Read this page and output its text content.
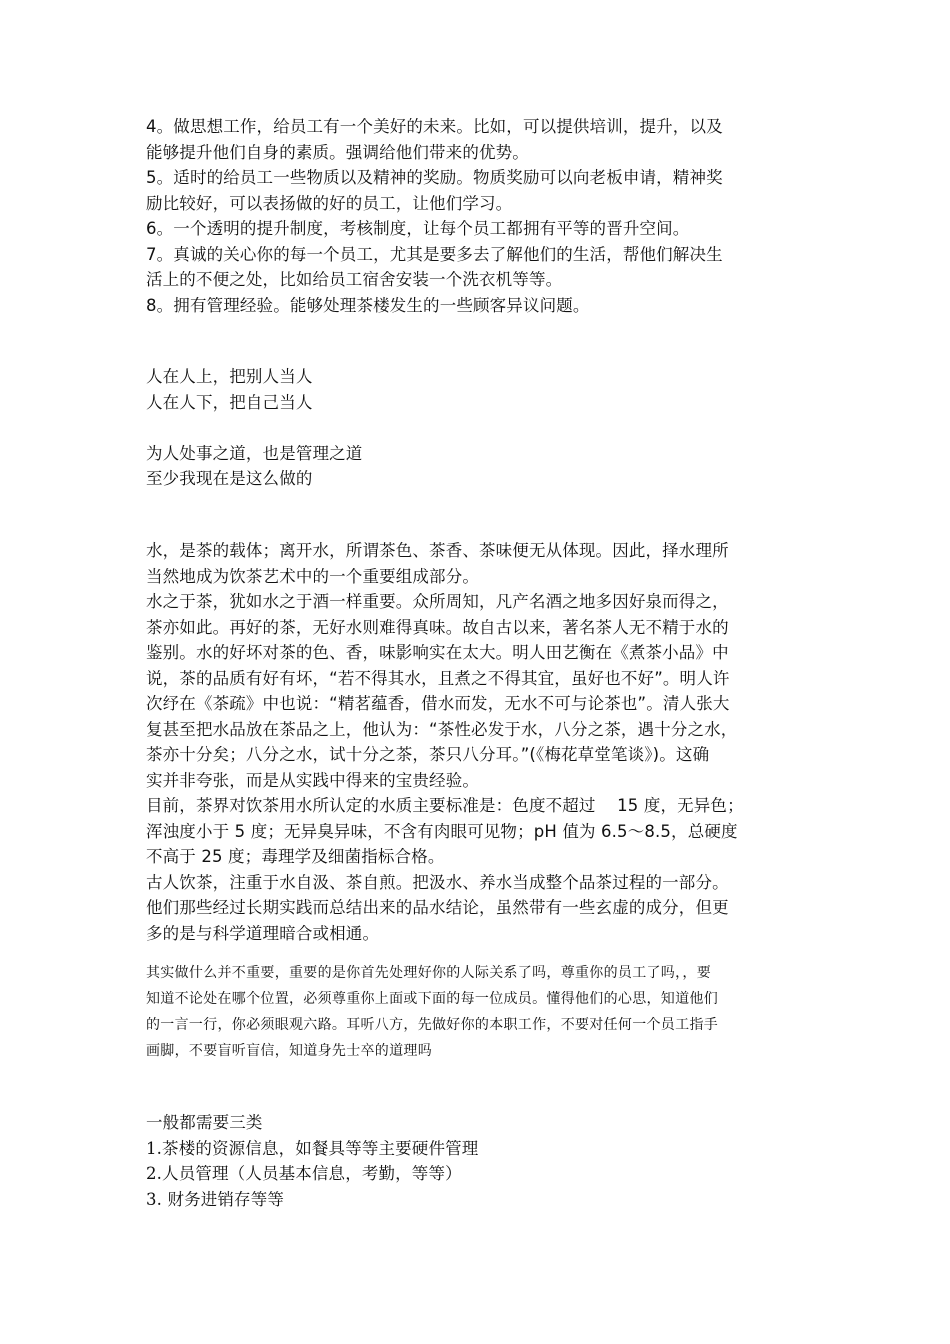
4。做思想工作，给员工有一个美好的未来。比如，可以提供培训，提升，以及
能够提升他们自身的素质。强调给他们带来的优势。
5。适时的给员工一些物质以及精神的奖励。物质奖励可以向老板申请，精神奖
励比较好，可以表扬做的好的员工，让他们学习。
6。一个透明的提升制度，考核制度，让每个员工都拥有平等的晋升空间。
7。真诚的关心你的每一个员工，尤其是要多去了解他们的生活，帮他们解决生
活上的不便之处，比如给员工宿舍安装一个洗衣机等等。
8。拥有管理经验。能够处理茶楼发生的一些顾客异议问题。
人在人上，把别人当人
人在人下，把自己当人

为人处事之道，也是管理之道
至少我现在是这么做的
水，是茶的载体；离开水，所谓茶色、茶香、茶味便无从体现。因此，择水理所
当然地成为饮茶艺术中的一个重要组成部分。
水之于茶，犹如水之于酒一样重要。众所周知，凡产名酒之地多因好泉而得之，
茶亦如此。再好的茶，无好水则难得真味。故自古以来，著名茶人无不精于水的
鉴别。水的好坏对茶的色、香，味影响实在太大。明人田艺衡在《煮茶小品》中
说，茶的品质有好有坏，“若不得其水，且煮之不得其宜，虽好也不好”。明人许
次纾在《茶疏》中也说：“精茗蕴香，借水而发，无水不可与论茶也”。清人张大
复甚至把水品放在茶品之上，他认为：“茶性必发于水，八分之茶，遇十分之水，
茶亦十分矣；八分之水，试十分之茶，茶只八分耳。”(《梅花草堂笔谈》)。这确
实并非夸张，而是从实践中得来的宝贵经验。
目前，茶界对饮茶用水所认定的水质主要标准是：色度不超过    15 度，无异色；
浑浊度小于 5 度；无异臭异味，不含有肉眼可见物；pH 值为 6.5～8.5，总硬度
不高于 25 度；毒理学及细菌指标合格。
古人饮茶，注重于水自汲、茶自煎。把汲水、养水当成整个品茶过程的一部分。
他们那些经过长期实践而总结出来的品水结论，虽然带有一些玄虚的成分，但更
多的是与科学道理暗合或相通。
其实做什么并不重要，重要的是你首先处理好你的人际关系了吗，尊重你的员工了吗，，要
知道不论处在哪个位置，必须尊重你上面或下面的每一位成员。懂得他们的心思，知道他们
的一言一行，你必须眼观六路。耳听八方，先做好你的本职工作，不要对任何一个员工指手
画脚，不要盲听盲信，知道身先士卒的道理吗
一般都需要三类
1.茶楼的资源信息，如餐具等等主要硬件管理
2.人员管理（人员基本信息，考勤，等等）
3. 财务进销存等等
